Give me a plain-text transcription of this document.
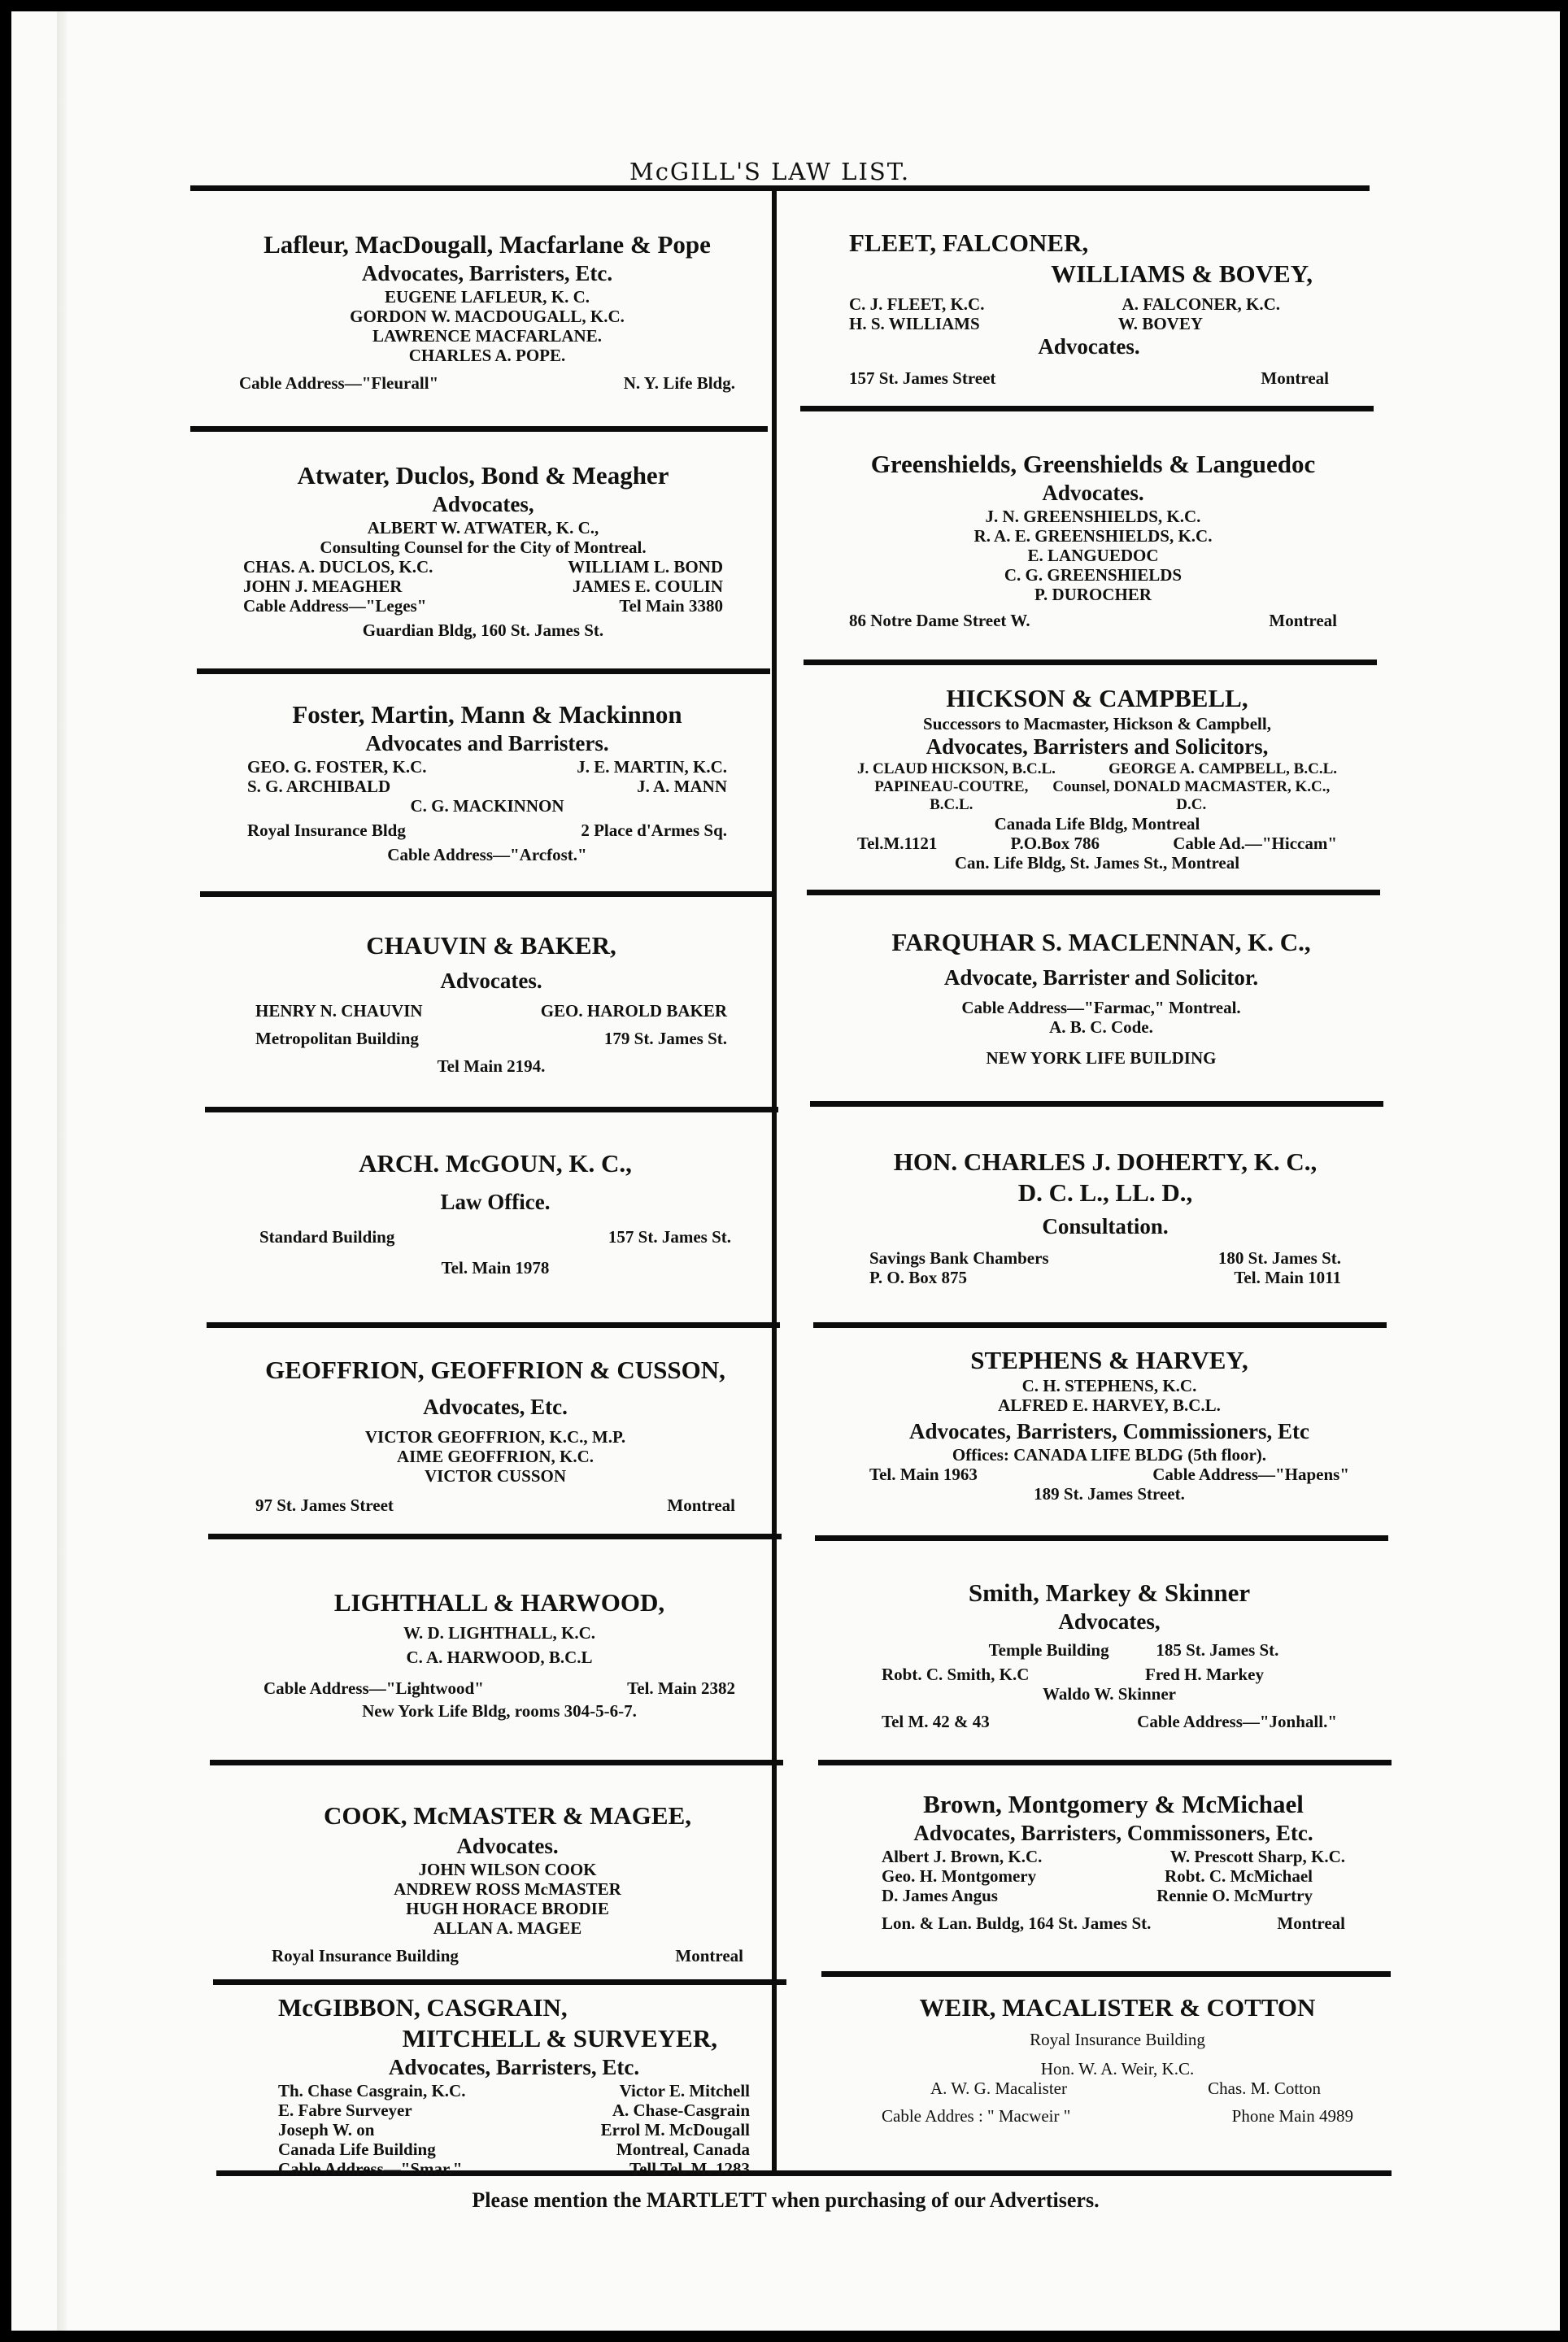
McGILL'S LAW LIST.
Lafleur, MacDougall, Macfarlane & Pope
Advocates, Barristers, Etc.
EUGENE LAFLEUR, K. C.
GORDON W. MACDOUGALL, K.C.
LAWRENCE MACFARLANE.
CHARLES A. POPE.
Cable Address—"Fleurall"	N. Y. Life Bldg.
Atwater, Duclos, Bond & Meagher
Advocates,
ALBERT W. ATWATER, K. C.,
Consulting Counsel for the City of Montreal.
CHAS. A. DUCLOS, K.C.	WILLIAM L. BOND
JOHN J. MEAGHER	JAMES E. COULIN
Cable Address—"Leges"	Tel Main 3380
Guardian Bldg, 160 St. James St.
Foster, Martin, Mann & Mackinnon
Advocates and Barristers.
GEO. G. FOSTER, K.C.	J. E. MARTIN, K.C.
S. G. ARCHIBALD	J. A. MANN
C. G. MACKINNON
Royal Insurance Bldg	2 Place d'Armes Sq.
Cable Address—"Arcfost."
CHAUVIN & BAKER,
Advocates.
HENRY N. CHAUVIN	GEO. HAROLD BAKER
Metropolitan Building	179 St. James St.
Tel Main 2194.
ARCH. McGOUN, K. C.,
Law Office.
Standard Building	157 St. James St.
Tel. Main 1978
GEOFFRION, GEOFFRION & CUSSON,
Advocates, Etc.
VICTOR GEOFFRION, K.C., M.P.
AIME GEOFFRION, K.C.
VICTOR CUSSON
97 St. James Street	Montreal
LIGHTHALL & HARWOOD,
W. D. LIGHTHALL, K.C.
C. A. HARWOOD, B.C.L
Cable Address—"Lightwood"	Tel. Main 2382
New York Life Bldg, rooms 304-5-6-7.
COOK, McMASTER & MAGEE,
Advocates.
JOHN WILSON COOK
ANDREW ROSS McMASTER
HUGH HORACE BRODIE
ALLAN A. MAGEE
Royal Insurance Building	Montreal
McGIBBON, CASGRAIN,
MITCHELL & SURVEYER,
Advocates, Barristers, Etc.
Th. Chase Casgrain, K.C.	Victor E. Mitchell
E. Fabre Surveyer	A. Chase-Casgrain
Joseph W. on	Errol M. McDougall
Canada Life Building	Montreal, Canada
Cable Address—"Smar."	Tell Tel. M. 1283
FLEET, FALCONER,
WILLIAMS & BOVEY,
C. J. FLEET, K.C.	A. FALCONER, K.C.
H. S. WILLIAMS	W. BOVEY
Advocates.
157 St. James Street	Montreal
Greenshields, Greenshields & Languedoc
Advocates.
J. N. GREENSHIELDS, K.C.
R. A. E. GREENSHIELDS, K.C.
E. LANGUEDOC
C. G. GREENSHIELDS
P. DUROCHER
86 Notre Dame Street W.	Montreal
HICKSON & CAMPBELL,
Successors to Macmaster, Hickson & Campbell,
Advocates, Barristers and Solicitors,
J. CLAUD HICKSON, B.C.L.	GEORGE A. CAMPBELL, B.C.L.
PAPINEAU-COUTRE, B.C.L.
Counsel, DONALD MACMASTER, K.C., D.C.
Canada Life Bldg, Montreal
Tel.M.1121	P.O.Box 786	Cable Ad.—"Hiccam"
Can. Life Bldg, St. James St., Montreal
FARQUHAR S. MACLENNAN, K. C.,
Advocate, Barrister and Solicitor.
Cable Address—"Farmac," Montreal.
A. B. C. Code.
NEW YORK LIFE BUILDING
HON. CHARLES J. DOHERTY, K. C.,
D. C. L., LL. D.,
Consultation.
Savings Bank Chambers	180 St. James St.
P. O. Box 875	Tel. Main 1011
STEPHENS & HARVEY,
C. H. STEPHENS, K.C.
ALFRED E. HARVEY, B.C.L.
Advocates, Barristers, Commissioners, Etc
Offices: CANADA LIFE BLDG (5th floor).
Tel. Main 1963	Cable Address—"Hapens"
189 St. James Street.
Smith, Markey & Skinner
Advocates,
Temple Building           185 St. James St.
Robt. C. Smith, K.C	Fred H. Markey
Waldo W. Skinner
Tel M. 42 & 43	Cable Address—"Jonhall."
Brown, Montgomery & McMichael
Advocates, Barristers, Commissoners, Etc.
Albert J. Brown, K.C.	W. Prescott Sharp, K.C.
Geo. H. Montgomery	Robt. C. McMichael
D. James Angus	Rennie O. McMurtry
Lon. & Lan. Buldg, 164 St. James St.	Montreal
WEIR, MACALISTER & COTTON
Royal Insurance Building
Hon. W. A. Weir, K.C.
A. W. G. Macalister	Chas. M. Cotton
Cable Addres : " Macweir "	Phone Main 4989
Please mention the MARTLETT when purchasing of our Advertisers.
